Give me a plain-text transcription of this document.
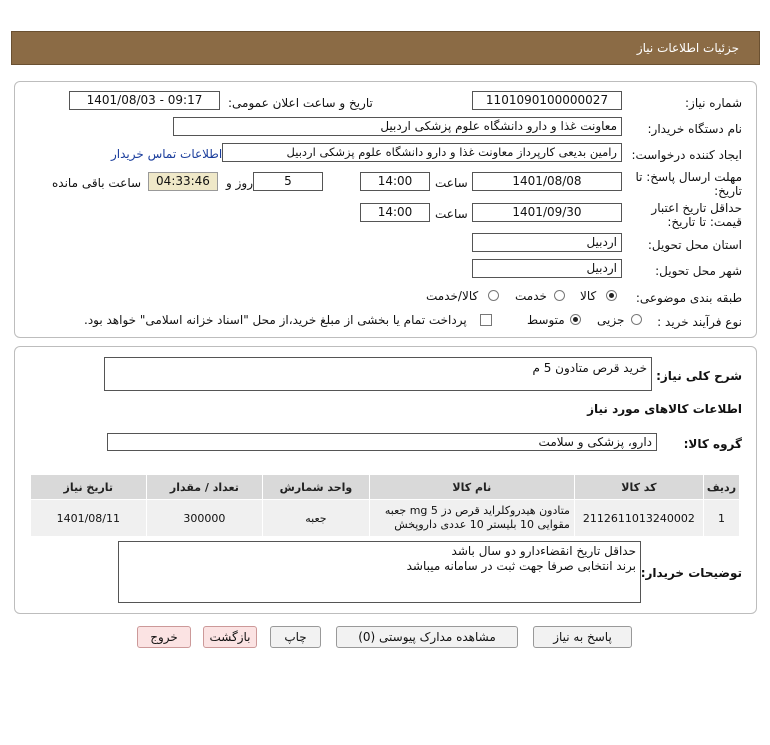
جزئیات اطلاعات نیاز
شماره نیاز:
1101090100000027
تاریخ و ساعت اعلان عمومی:
1401/08/03 - 09:17
نام دستگاه خریدار:
معاونت غذا و دارو دانشگاه علوم پزشکی اردبیل
ایجاد کننده درخواست:
رامین بدیعی کارپرداز معاونت غذا و دارو دانشگاه علوم پزشکی اردبیل
اطلاعات تماس خریدار
مهلت ارسال پاسخ: تا
تاریخ:
1401/08/08
ساعت
14:00
5
روز و
04:33:46
ساعت باقی مانده
حداقل تاریخ اعتبار
قیمت: تا تاریخ:
1401/09/30
ساعت
14:00
استان محل تحویل:
اردبیل
شهر محل تحویل:
اردبیل
طبقه بندی موضوعی:
کالا
خدمت
کالا/خدمت
نوع فرآیند خرید :
جزیی
متوسط
پرداخت تمام یا بخشی از مبلغ خرید،از محل "اسناد خزانه اسلامی" خواهد بود.
شرح کلی نیاز:
خرید قرص متادون 5 م
اطلاعات کالاهای مورد نیاز
گروه کالا:
دارو، پزشکی و سلامت
ردیف	کد کالا	نام کالا	واحد شمارش	تعداد / مقدار	تاریخ نیاز
1	2112611013240002	متادون هیدروکلراید قرص دز mg 5 جعبه مقوایی 10 بلیستر 10 عددی داروپخش	جعبه	300000	1401/08/11
توضیحات خریدار:
حداقل تاریخ انقضاءدارو دو سال باشد
برند انتخابی صرفا جهت ثبت در سامانه میباشد
پاسخ به نیاز
مشاهده مدارک پیوستی (0)
چاپ
بازگشت
خروج
